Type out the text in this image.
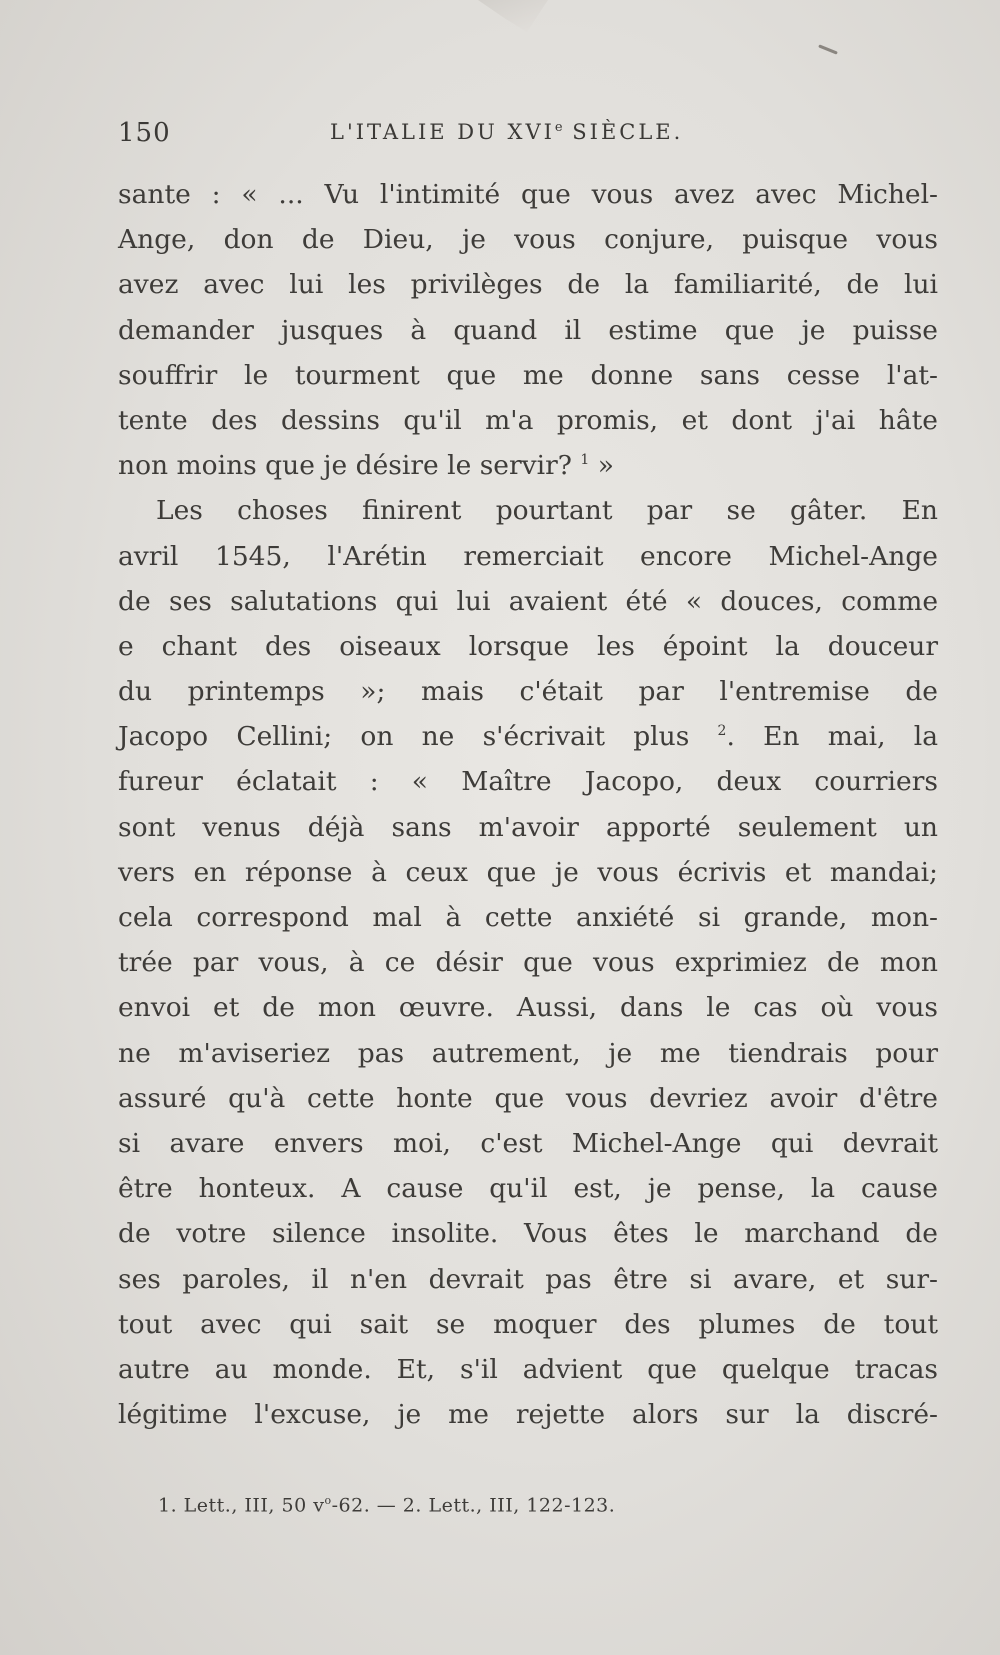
150	L'ITALIE DU XVIe SIÈCLE.
sante : « ... Vu l'intimité que vous avez avec Michel-
Ange, don de Dieu, je vous conjure, puisque vous
avez avec lui les privilèges de la familiarité, de lui
demander jusques à quand il estime que je puisse
souffrir le tourment que me donne sans cesse l'at-
tente des dessins qu'il m'a promis, et dont j'ai hâte
non moins que je désire le servir? $^1$ »
Les choses finirent pourtant par se gâter. En
avril 1545, l'Arétin remerciait encore Michel-Ange
de ses salutations qui lui avaient été « douces, comme
e chant des oiseaux lorsque les époint la douceur
du printemps »; mais c'était par l'entremise de
Jacopo Cellini; on ne s'écrivait plus $^2$. En mai, la
fureur éclatait : « Maître Jacopo, deux courriers
sont venus déjà sans m'avoir apporté seulement un
vers en réponse à ceux que je vous écrivis et mandai;
cela correspond mal à cette anxiété si grande, mon-
trée par vous, à ce désir que vous exprimiez de mon
envoi et de mon œuvre. Aussi, dans le cas où vous
ne m'aviseriez pas autrement, je me tiendrais pour
assuré qu'à cette honte que vous devriez avoir d'être
si avare envers moi, c'est Michel-Ange qui devrait
être honteux. A cause qu'il est, je pense, la cause
de votre silence insolite. Vous êtes le marchand de
ses paroles, il n'en devrait pas être si avare, et sur-
tout avec qui sait se moquer des plumes de tout
autre au monde. Et, s'il advient que quelque tracas
légitime l'excuse, je me rejette alors sur la discré-
1. Lett., III, 50 $v^o-62$. — 2. Lett., III, 122-123.
